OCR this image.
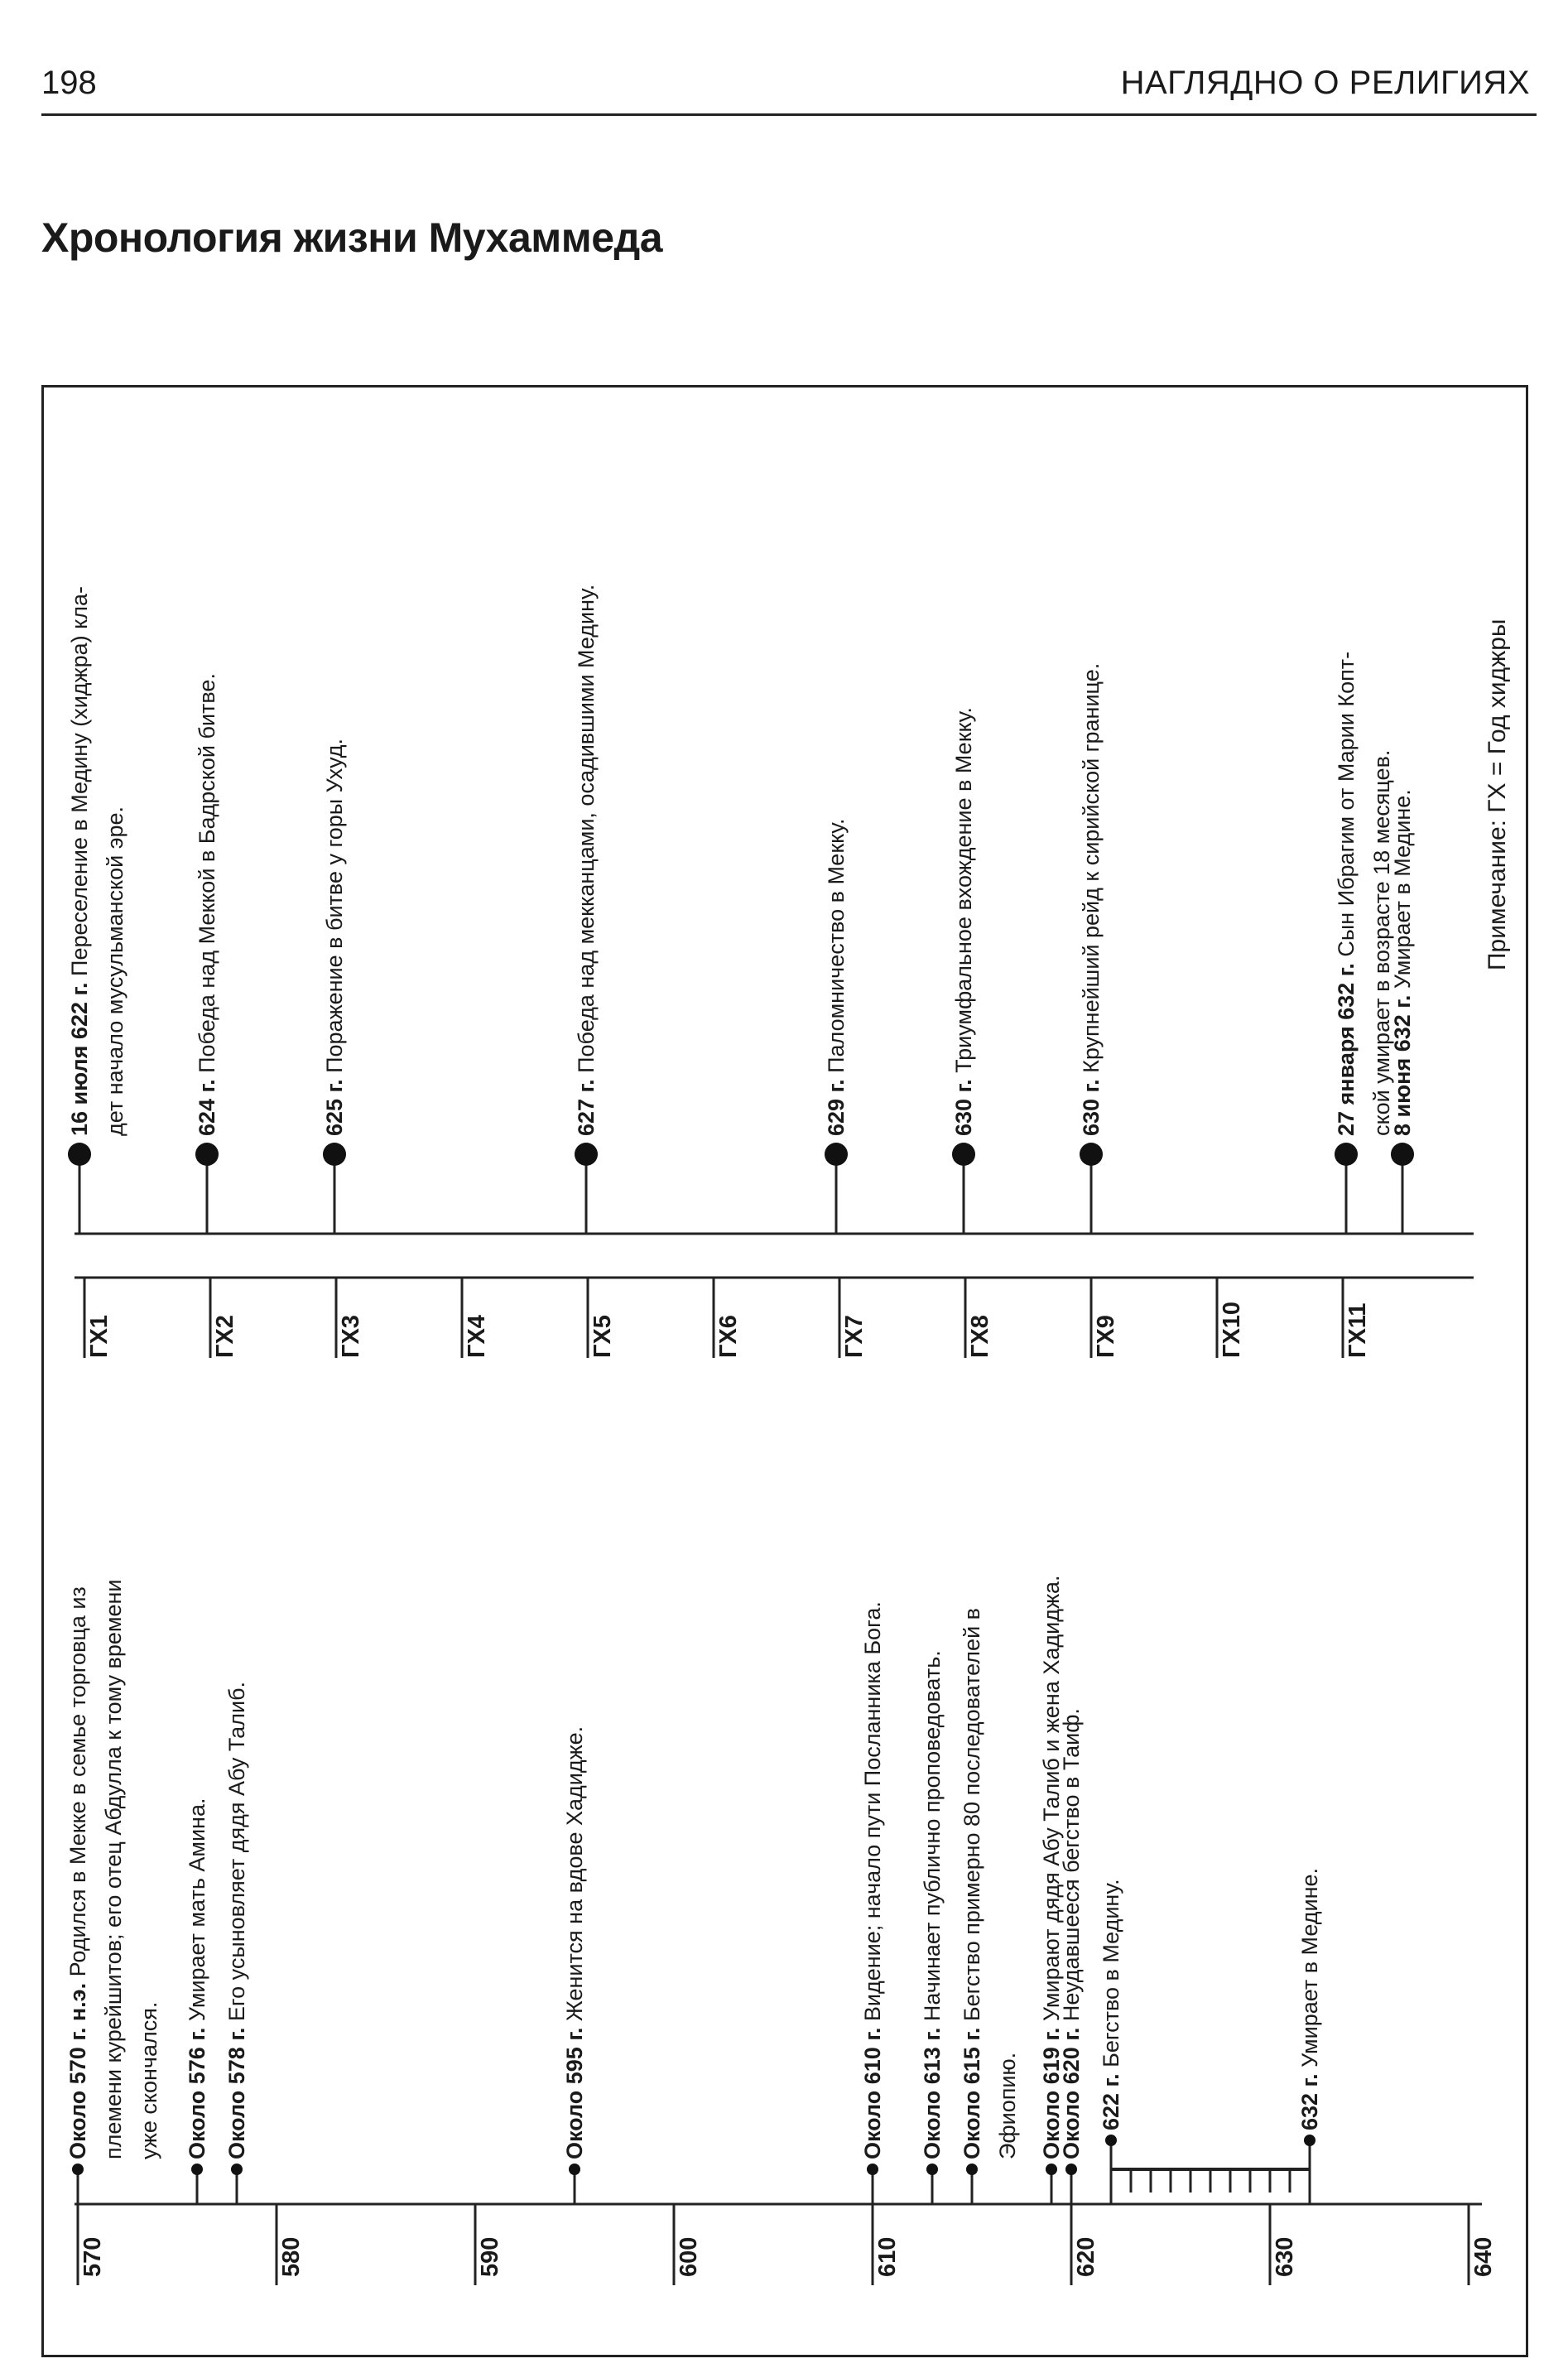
198	НАГЛЯДНО О РЕЛИГИЯХ
Хронология жизни Мухаммеда
570	580	590	600	610	620	630	640
Около 570 г. н.э. Родился в Мекке в семье торговца из племени курейшитов; его отец Абдулла к тому времени уже скончался. Около 576 г. Умирает мать Амина.
Около 578 г. Его усыновляет дядя Абу Талиб.
Около 595 г. Женится на вдове Хадидже.
Около 610 г. Видение; начало пути Посланника Бога.
Около 613 г. Начинает публично проповедовать.
Около 615 г. Бегство примерно 80 последователей в
Эфиопию. Около 619 г. Умирают дядя Абу Талиб и жена Хадиджа.
Около 620 г. Неудавшееся бегство в Таиф.
622 г. Бегство в Медину.
632 г. Умирает в Медине.
ГХ1	ГХ2	ГХ3	ГХ4	ГХ5	ГХ6	ГХ7	ГХ8	ГХ9	ГХ10	ГХ11
16 июля 622 г. Переселение в Медину (хиджра) кла- дет начало мусульманской эре.	624 г. Победа над Меккой в Бадрской битве.
625 г. Поражение в битве у горы Ухуд.
627 г. Победа над мекканцами, осадившими Медину.
629 г. Паломничество в Мекку.
630 г. Триумфальное вхождение в Мекку.
630 г. Крупнейший рейд к сирийской границе.	27 января 632 г. Сын Ибрагим от Марии Копт- ской умирает в возрасте 18 месяцев.
8 июня 632 г. Умирает в Медине.	Примечание: ГХ = Год хиджры
